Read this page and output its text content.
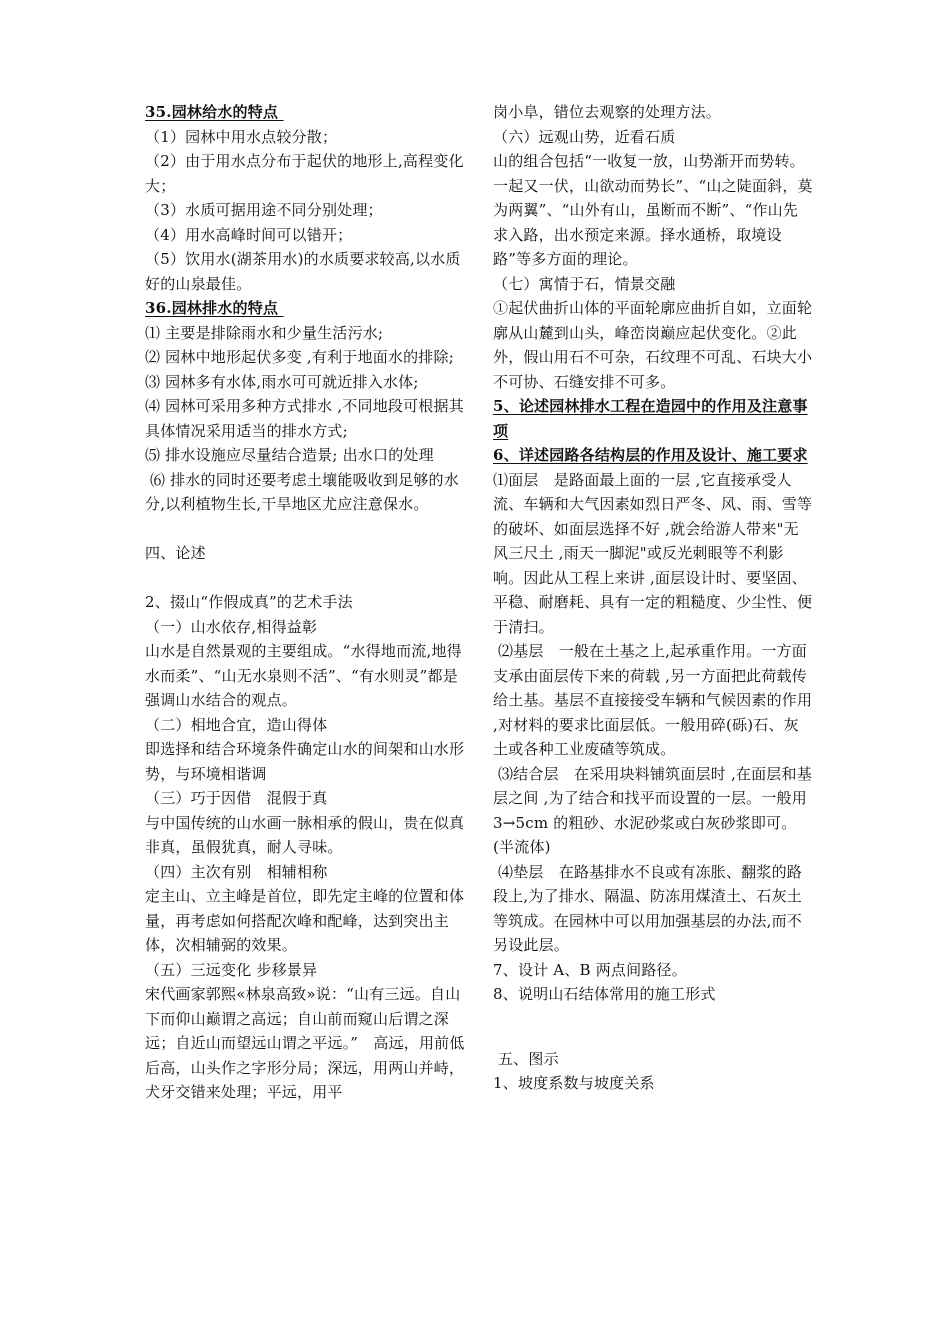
35.园林给水的特点

（1）园林中用水点较分散；

（2）由于用水点分布于起伏的地形上,高程变化大；

（3）水质可据用途不同分别处理；

（4）用水高峰时间可以错开；

（5）饮用水(湖茶用水)的水质要求较高,以水质好的山泉最佳。

36.园林排水的特点

⑴ 主要是排除雨水和少量生活污水;

⑵ 园林中地形起伏多变 ,有利于地面水的排除;

⑶ 园林多有水体,雨水可可就近排入水体;

⑷ 园林可采用多种方式排水 ,不同地段可根据其具体情况采用适当的排水方式;

⑸ 排水设施应尽量结合造景; 出水口的处理

⑹ 排水的同时还要考虑土壤能吸收到足够的水分,以利植物生长,干旱地区尤应注意保水。

四、论述

2、掇山“作假成真”的艺术手法

（一）山水依存,相得益彰

山水是自然景观的主要组成。“水得地而流,地得水而柔”、“山无水泉则不活”、“有水则灵”都是强调山水结合的观点。

（二）相地合宜，造山得体

即选择和结合环境条件确定山水的间架和山水形势，与环境相谐调

（三）巧于因借　混假于真

与中国传统的山水画一脉相承的假山，贵在似真非真，虽假犹真，耐人寻味。

（四）主次有别　相辅相称

定主山、立主峰是首位，即先定主峰的位置和体量，再考虑如何搭配次峰和配峰，达到突出主体，次相辅弼的效果。

（五）三远变化 步移景异

宋代画家郭熙«林泉高致»说：“山有三远。自山下而仰山巅谓之高远；自山前而窥山后谓之深远；自近山而望远山谓之平远。”　高远，用前低后高，山头作之字形分局；深远，用两山并峙，犬牙交错来处理；平远，用平

岗小阜，错位去观察的处理方法。

（六）远观山势，近看石质

山的组合包括“一收复一放，山势渐开而势转。一起又一伏，山欲动而势长”、“山之陡面斜，莫为两翼”、“山外有山，虽断而不断”、“作山先求入路，出水预定来源。择水通桥，取境设路”等多方面的理论。

（七）寓情于石，情景交融

①起伏曲折山体的平面轮廓应曲折自如，立面轮廓从山麓到山头，峰峦岗巅应起伏变化。②此外，假山用石不可杂，石纹理不可乱、石块大小不可协、石缝安排不可多。

5、论述园林排水工程在造园中的作用及注意事项

6、详述园路各结构层的作用及设计、施工要求

⑴面层　是路面最上面的一层 ,它直接承受人流、车辆和大气因素如烈日严冬、风、雨、雪等的破坏、如面层选择不好 ,就会给游人带来"无风三尺土 ,雨天一脚泥"或反光刺眼等不利影响。因此从工程上来讲 ,面层设计时、要坚固、平稳、耐磨耗、具有一定的粗糙度、少尘性、便于清扫。

⑵基层　一般在土基之上,起承重作用。一方面支承由面层传下来的荷载 ,另一方面把此荷载传给土基。基层不直接接受车辆和气候因素的作用 ,对材料的要求比面层低。一般用碎(砾)石、灰土或各种工业废碴等筑成。

⑶结合层　在采用块料铺筑面层时 ,在面层和基层之间 ,为了结合和找平而设置的一层。一般用 3→5cm 的粗砂、水泥砂浆或白灰砂浆即可。(半流体)

⑷垫层　在路基排水不良或有冻胀、翻浆的路段上,为了排水、隔温、防冻用煤渣土、石灰土等筑成。在园林中可以用加强基层的办法,而不另设此层。

7、设计 A、B 两点间路径。

8、说明山石结体常用的施工形式

五、图示

1、坡度系数与坡度关系
